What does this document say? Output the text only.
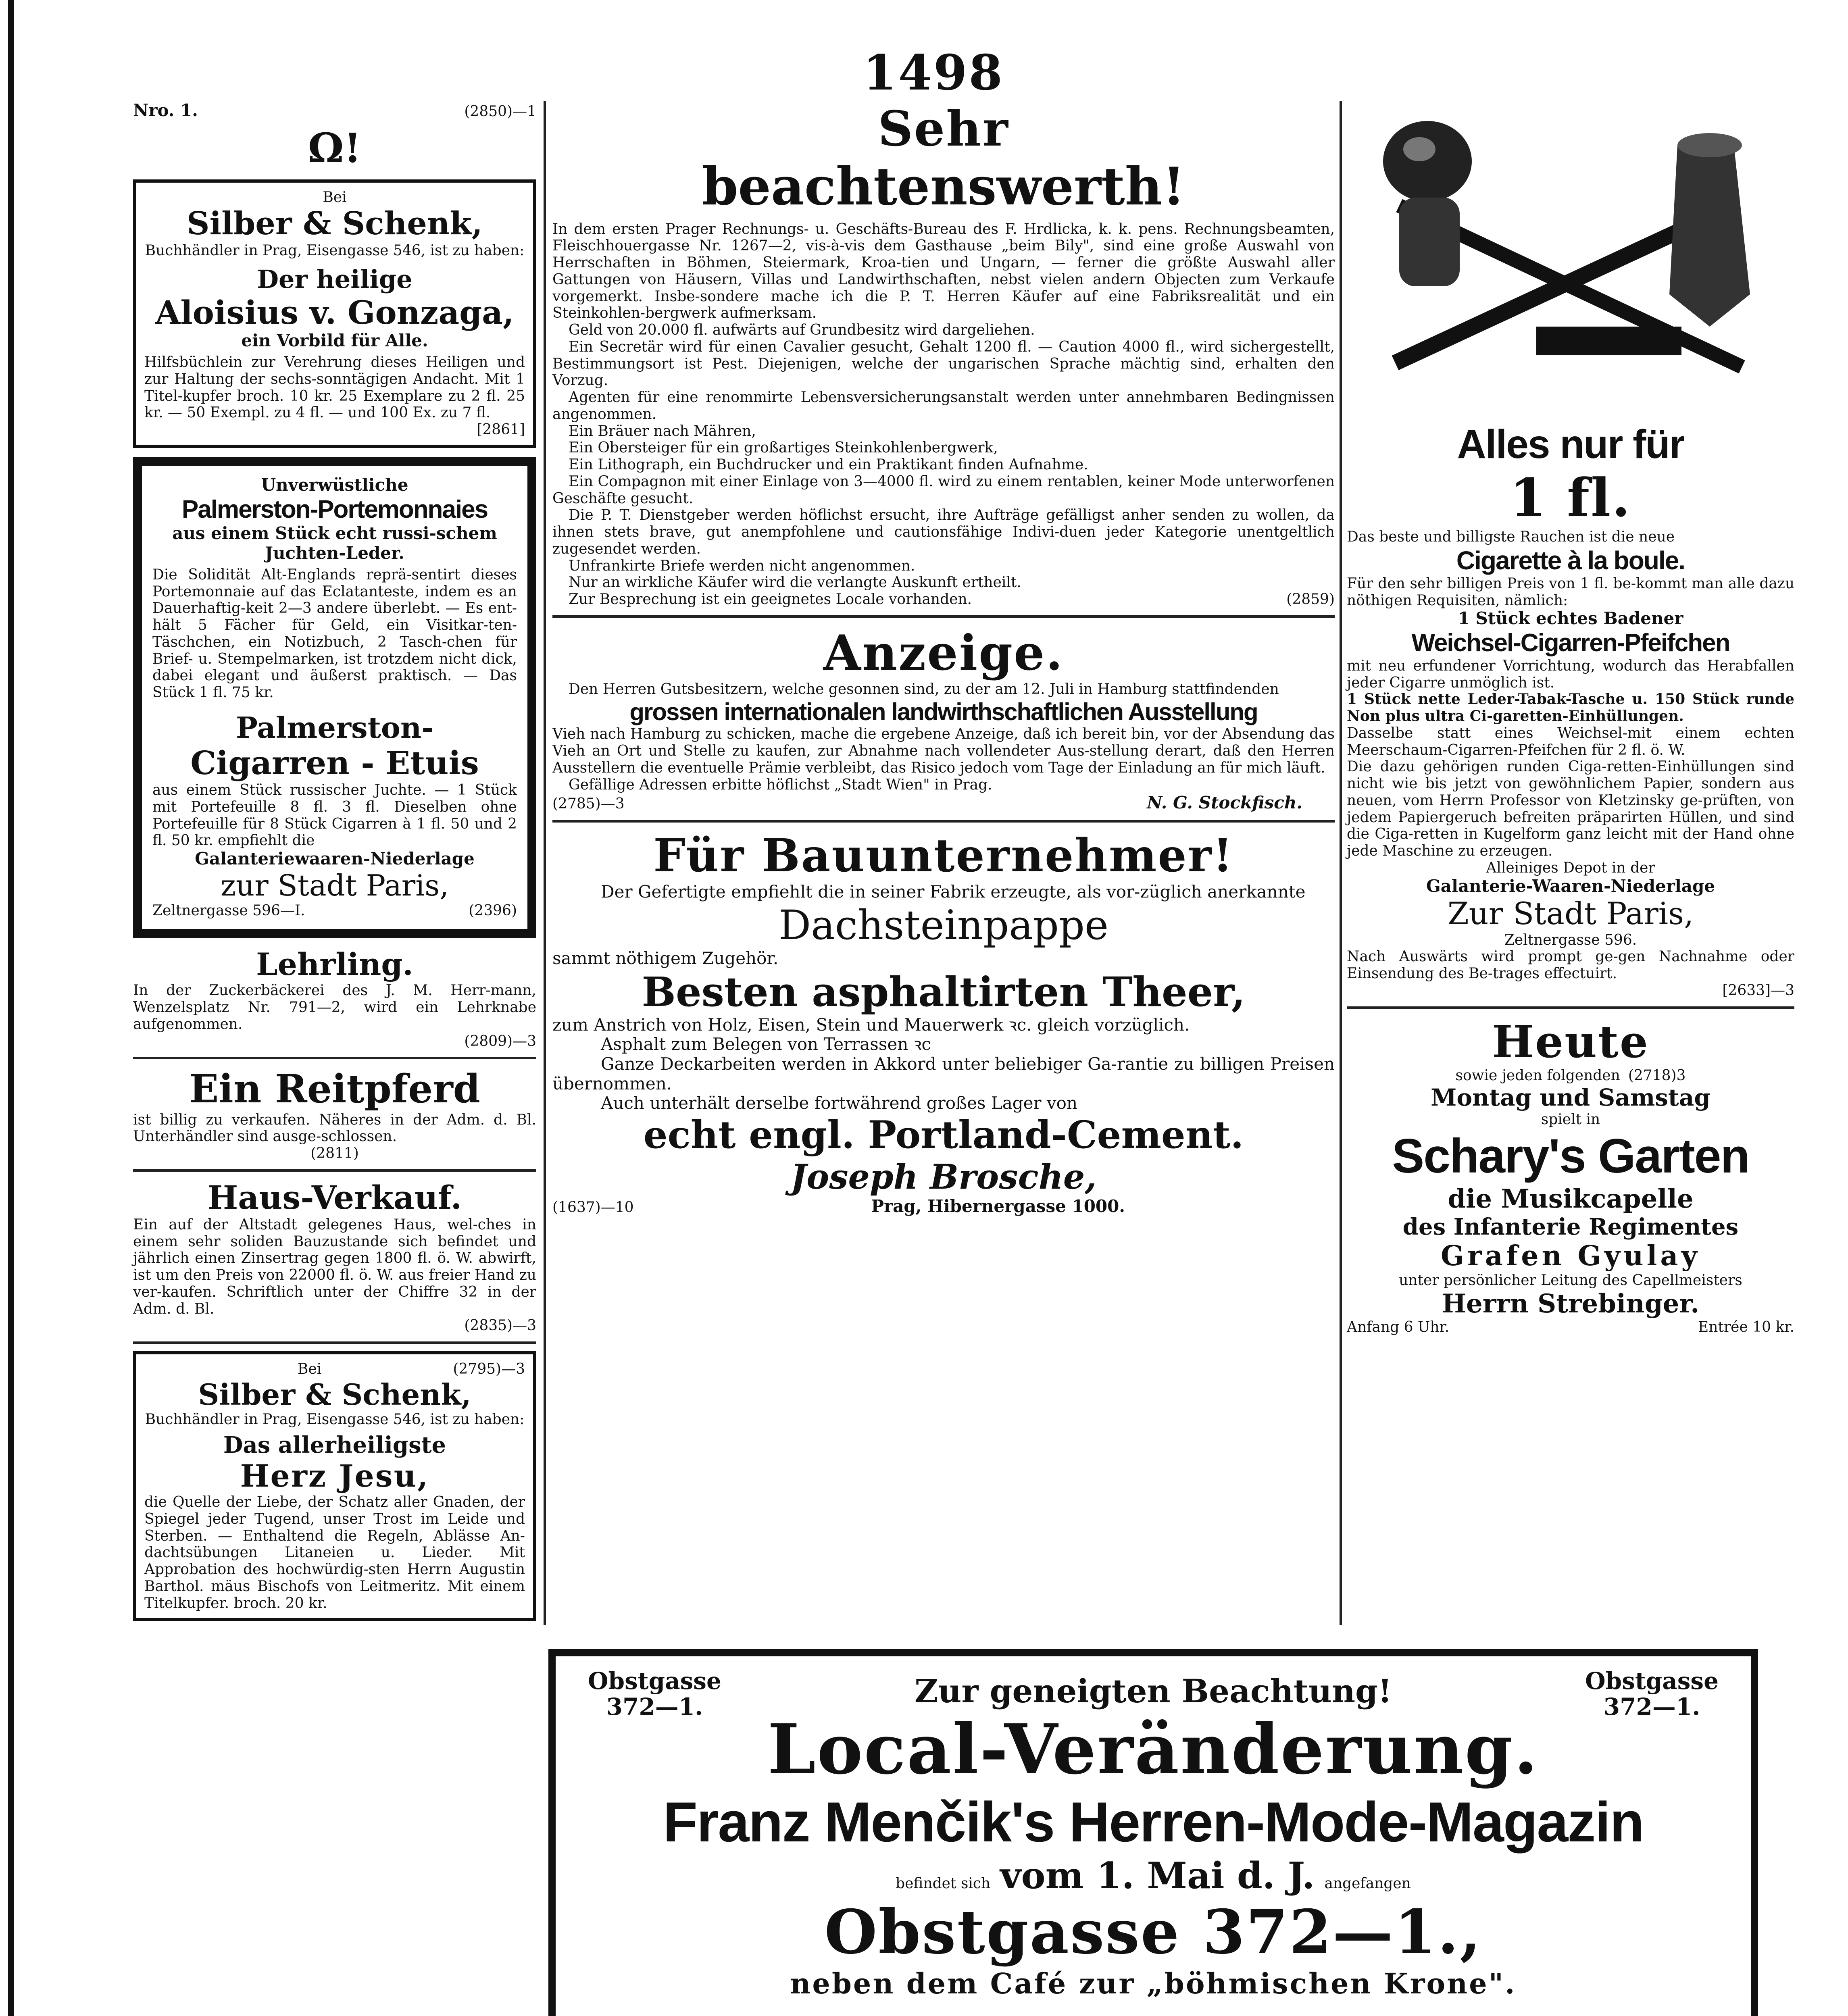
1498
Nro. 1.	(2850)—1

Ω!

Bei

Silber & Schenk,

Buchhändler in Prag, Eisengasse 546, ist zu haben:

Der heilige

Aloisius v. Gonzaga,

ein Vorbild für Alle.

Hilfsbüchlein zur Verehrung dieses Heiligen und zur Haltung der sechs-sonntägigen Andacht. Mit 1 Titel-kupfer broch. 10 kr. 25 Exemplare zu 2 fl. 25 kr. — 50 Exempl. zu 4 fl. — und 100 Ex. zu 7 fl.

[2861]

Unverwüstliche

Palmerston-Portemonnaies

aus einem Stück echt russi-schem Juchten-Leder.

Die Solidität Alt-Englands reprä-sentirt dieses Portemonnaie auf das Eclatanteste, indem es an Dauerhaftig-keit 2—3 andere überlebt. — Es ent-hält 5 Fächer für Geld, ein Visitkar-ten-Täschchen, ein Notizbuch, 2 Tasch-chen für Brief- u. Stempelmarken, ist trotzdem nicht dick, dabei elegant und äußerst praktisch. — Das Stück 1 fl. 75 kr.

Palmerston-

Cigarren - Etuis

aus einem Stück russischer Juchte. — 1 Stück mit Portefeuille 8 fl. 3 fl. Dieselben ohne Portefeuille für 8 Stück Cigarren à 1 fl. 50 und 2 fl. 50 kr. empfiehlt die

Galanteriewaaren-Niederlage

zur Stadt Paris,

Zeltnergasse 596—I.	(2396)

Lehrling.

In der Zuckerbäckerei des J. M. Herr-mann, Wenzelsplatz Nr. 791—2, wird ein Lehrknabe aufgenommen.

(2809)—3

Ein Reitpferd

ist billig zu verkaufen. Näheres in der Adm. d. Bl. Unterhändler sind ausge-schlossen.

(2811)

Haus-Verkauf.

Ein auf der Altstadt gelegenes Haus, wel-ches in einem sehr soliden Bauzustande sich befindet und jährlich einen Zinsertrag gegen 1800 fl. ö. W. abwirft, ist um den Preis von 22000 fl. ö. W. aus freier Hand zu ver-kaufen. Schriftlich unter der Chiffre 32 in der Adm. d. Bl.

(2835)—3

Bei	(2795)—3

Silber & Schenk,

Buchhändler in Prag, Eisengasse 546, ist zu haben:

Das allerheiligste

Herz Jesu,

die Quelle der Liebe, der Schatz aller Gnaden, der Spiegel jeder Tugend, unser Trost im Leide und Sterben. — Enthaltend die Regeln, Ablässe An-dachtsübungen Litaneien u. Lieder. Mit Approbation des hochwürdig-sten Herrn Augustin Barthol. mäus Bischofs von Leitmeritz. Mit einem Titelkupfer. broch. 20 kr.

Sehr

beachtenswerth!

In dem ersten Prager Rechnungs- u. Geschäfts-Bureau des F. Hrdlicka, k. k. pens. Rechnungsbeamten, Fleischhouergasse Nr. 1267—2, vis-à-vis dem Gasthause „beim Bily", sind eine große Auswahl von Herrschaften in Böhmen, Steiermark, Kroa-tien und Ungarn, — ferner die größte Auswahl aller Gattungen von Häusern, Villas und Landwirthschaften, nebst vielen andern Objecten zum Verkaufe vorgemerkt. Insbe-sondere mache ich die P. T. Herren Käufer auf eine Fabriksrealität und ein Steinkohlen-bergwerk aufmerksam.

Geld von 20.000 fl. aufwärts auf Grundbesitz wird dargeliehen.

Ein Secretär wird für einen Cavalier gesucht, Gehalt 1200 fl. — Caution 4000 fl., wird sichergestellt, Bestimmungsort ist Pest. Diejenigen, welche der ungarischen Sprache mächtig sind, erhalten den Vorzug.

Agenten für eine renommirte Lebensversicherungsanstalt werden unter annehmbaren Bedingnissen angenommen.

Ein Bräuer nach Mähren,

Ein Obersteiger für ein großartiges Steinkohlenbergwerk,

Ein Lithograph, ein Buchdrucker und ein Praktikant finden Aufnahme.

Ein Compagnon mit einer Einlage von 3—4000 fl. wird zu einem rentablen, keiner Mode unterworfenen Geschäfte gesucht.

Die P. T. Dienstgeber werden höflichst ersucht, ihre Aufträge gefälligst anher senden zu wollen, da ihnen stets brave, gut anempfohlene und cautionsfähige Indivi-duen jeder Kategorie unentgeltlich zugesendet werden.

Unfrankirte Briefe werden nicht angenommen.

Nur an wirkliche Käufer wird die verlangte Auskunft ertheilt.

Zur Besprechung ist ein geeignetes Locale vorhanden.	(2859)

Anzeige.

Den Herren Gutsbesitzern, welche gesonnen sind, zu der am 12. Juli in Hamburg stattfindenden

grossen internationalen landwirthschaftlichen Ausstellung

Vieh nach Hamburg zu schicken, mache die ergebene Anzeige, daß ich bereit bin, vor der Absendung das Vieh an Ort und Stelle zu kaufen, zur Abnahme nach vollendeter Aus-stellung derart, daß den Herren Ausstellern die eventuelle Prämie verbleibt, das Risico jedoch vom Tage der Einladung an für mich läuft.

Gefällige Adressen erbitte höflichst „Stadt Wien" in Prag.

(2785)—3	N. G. Stockfisch.

Für Bauunternehmer!

Der Gefertigte empfiehlt die in seiner Fabrik erzeugte, als vor-züglich anerkannte

Dachsteinpappe

sammt nöthigem Zugehör.

Besten asphaltirten Theer,

zum Anstrich von Holz, Eisen, Stein und Mauerwerk ꝛc. gleich vorzüglich.

Asphalt zum Belegen von Terrassen ꝛc

Ganze Deckarbeiten werden in Akkord unter beliebiger Ga-rantie zu billigen Preisen übernommen.

Auch unterhält derselbe fortwährend großes Lager von

echt engl. Portland-Cement.

Joseph Brosche,

(1637)—10	Prag, Hibernergasse 1000.

Alles nur für

1 fl.

Das beste und billigste Rauchen ist die neue

Cigarette à la boule.

Für den sehr billigen Preis von 1 fl. be-kommt man alle dazu nöthigen Requisiten, nämlich:

1 Stück echtes Badener

Weichsel-Cigarren-Pfeifchen

mit neu erfundener Vorrichtung, wodurch das Herabfallen jeder Cigarre unmöglich ist.

1 Stück nette Leder-Tabak-Tasche u. 150 Stück runde Non plus ultra Ci-garetten-Einhüllungen.

Dasselbe statt eines Weichsel-mit einem echten Meerschaum-Cigarren-Pfeifchen für 2 fl. ö. W.

Die dazu gehörigen runden Ciga-retten-Einhüllungen sind nicht wie bis jetzt von gewöhnlichem Papier, sondern aus neuen, vom Herrn Professor von Kletzinsky ge-prüften, von jedem Papiergeruch befreiten präparirten Hüllen, und sind die Ciga-retten in Kugelform ganz leicht mit der Hand ohne jede Maschine zu erzeugen.

Alleiniges Depot in der

Galanterie-Waaren-Niederlage

Zur Stadt Paris,

Zeltnergasse 596.

Nach Auswärts wird prompt ge-gen Nachnahme oder Einsendung des Be-trages effectuirt.

[2633]—3

Heute

sowie jeden folgenden (2718)3

Montag und Samstag

spielt in

Schary's Garten

die Musikcapelle

des Infanterie Regimentes

Grafen Gyulay

unter persönlicher Leitung des Capellmeisters

Herrn Strebinger.

Anfang 6 Uhr.	Entrée 10 kr.
Obstgasse
372—1.
Obstgasse
372—1.

Zur geneigten Beachtung!

Local-Veränderung.

Franz Menčik's Herren-Mode-Magazin

befindet sich vom 1. Mai d. J. angefangen

Obstgasse 372—1.,

neben dem Café zur „böhmischen Krone".
